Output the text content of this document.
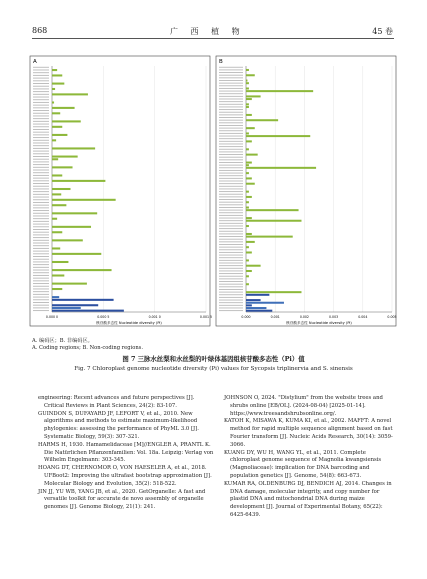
868	广 西 植 物	45 卷
A
0.000 0	0.000 5	0.001 0	0.001 5
核苷酸多态性 Nucleotide diversity (Pi)
B
0.000	0.001	0.002	0.003	0.004	0.005
核苷酸多态性 Nucleotide diversity (Pi)
A. 编码区；B. 非编码区。
A. Coding regions; B. Non-coding regions.
图 7 三脉水丝梨和水丝梨的叶绿体基因组核苷酸多态性（Pi）值
Fig. 7 Chloroplast genome nucleotide diversity (Pi) values for Sycopsis triplinervia and S. sinensis

engineering: Recent advances and future perspectives [J]. Critical Reviews in Plant Sciences, 24(2): 83-107.

GUINDON S, DUFAYARD JF, LEFORT V, et al., 2010. New algorithms and methods to estimate maximum-likelihood phylogenies: assessing the performance of PhyML 3.0 [J]. Systematic Biology, 59(3): 307-321.

HARMS H, 1930. Hamamelidaceae [M]//ENGLER A, PRANTL K. Die Natürlichen Pflanzenfamilien: Vol. 18a. Leipzig: Verlag von Wilhelm Engelmann: 303-345.

HOANG DT, CHERNOMOR O, VON HAESELER A, et al., 2018. UFBoot2: Improving the ultrafast bootstrap approximation [J]. Molecular Biology and Evolution, 35(2): 518-522.

JIN JJ, YU WB, YANG JB, et al., 2020. GetOrganelle: A fast and versatile toolkit for accurate de novo assembly of organelle genomes [J]. Genome Biology, 21(1): 241.

JOHNSON O, 2024. "Distylium" from the website trees and shrubs online [EB/OL]. (2024-08-04) [2025-01-14]. https://www.treesandshrubsonline.org/.

KATOH K, MISAWA K, KUMA KI, et al., 2002. MAFFT: A novel method for rapid multiple sequence alignment based on fast Fourier transform [J]. Nucleic Acids Research, 30(14): 3059-3066.

KUANG DY, WU H, WANG YL, et al., 2011. Complete chloroplast genome sequence of Magnolia kwangsiensis (Magnoliaceae): implication for DNA barcoding and population genetics [J]. Genome, 54(8): 663-673.

KUMAR RA, OLDENBURG DJ, BENDICH AJ, 2014. Changes in DNA damage, molecular integrity, and copy number for plastid DNA and mitochondrial DNA during maize development [J]. Journal of Experimental Botany, 65(22): 6425-6439.
